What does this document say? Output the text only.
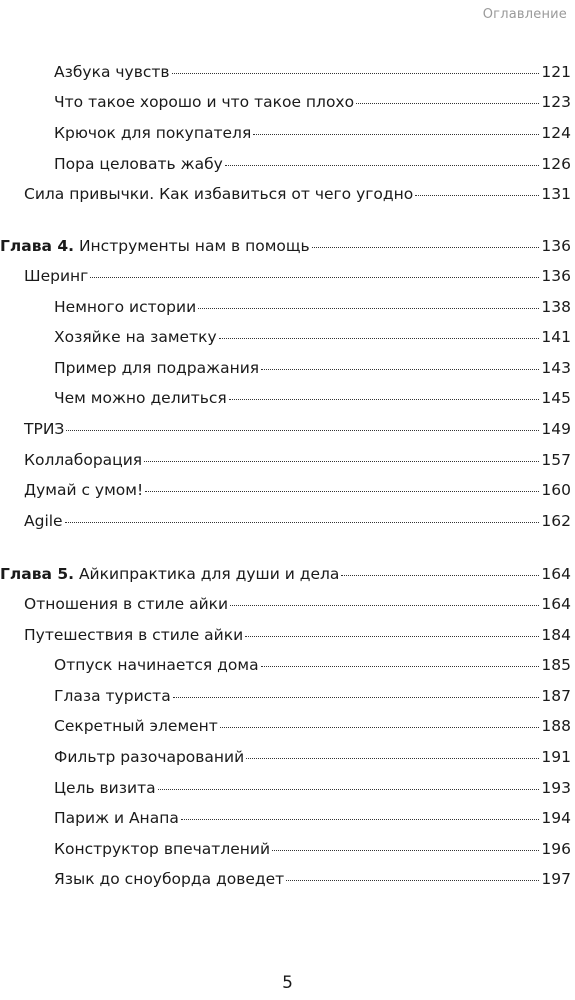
Оглавление
Азбука чувств	121
Что такое хорошо и что такое плохо	123
Крючок для покупателя	124
Пора целовать жабу	126
Сила привычки. Как избавиться от чего угодно	131
Глава 4. Инструменты нам в помощь	136
Шеринг	136
Немного истории	138
Хозяйке на заметку	141
Пример для подражания	143
Чем можно делиться	145
ТРИЗ	149
Коллаборация	157
Думай с умом!	160
Agile	162
Глава 5. Айкипрактика для души и дела	164
Отношения в стиле айки	164
Путешествия в стиле айки	184
Отпуск начинается дома	185
Глаза туриста	187
Секретный элемент	188
Фильтр разочарований	191
Цель визита	193
Париж и Анапа	194
Конструктор впечатлений	196
Язык до сноуборда доведет	197
5
